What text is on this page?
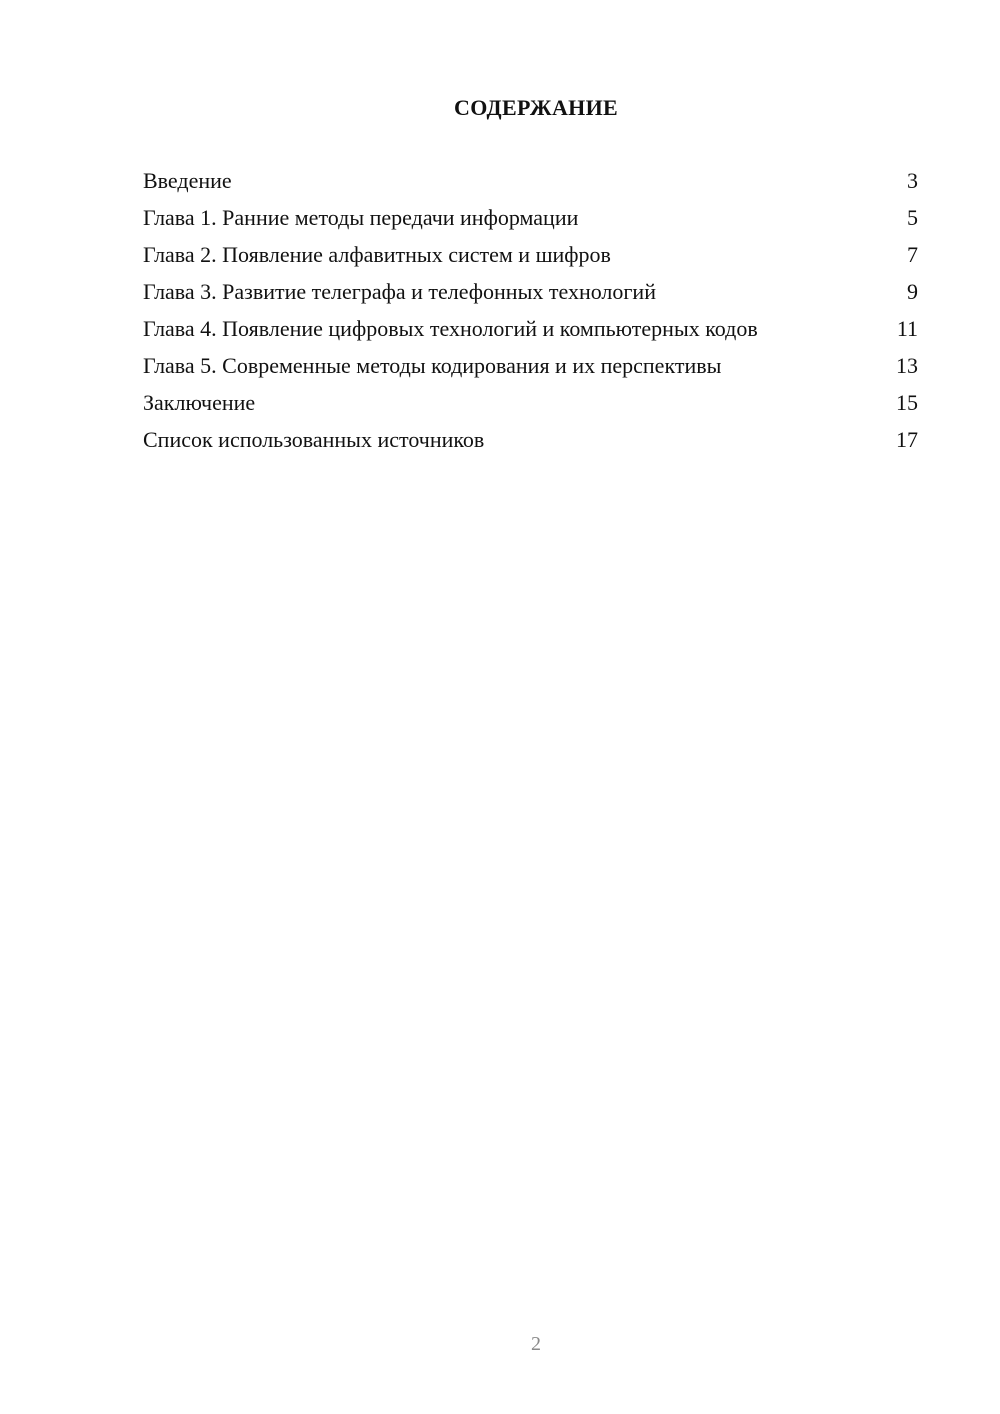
СОДЕРЖАНИЕ
Введение	3
Глава 1. Ранние методы передачи информации	5
Глава 2. Появление алфавитных систем и шифров	7
Глава 3. Развитие телеграфа и телефонных технологий	9
Глава 4. Появление цифровых технологий и компьютерных кодов	11
Глава 5. Современные методы кодирования и их перспективы	13
Заключение	15
Список использованных источников	17
2
